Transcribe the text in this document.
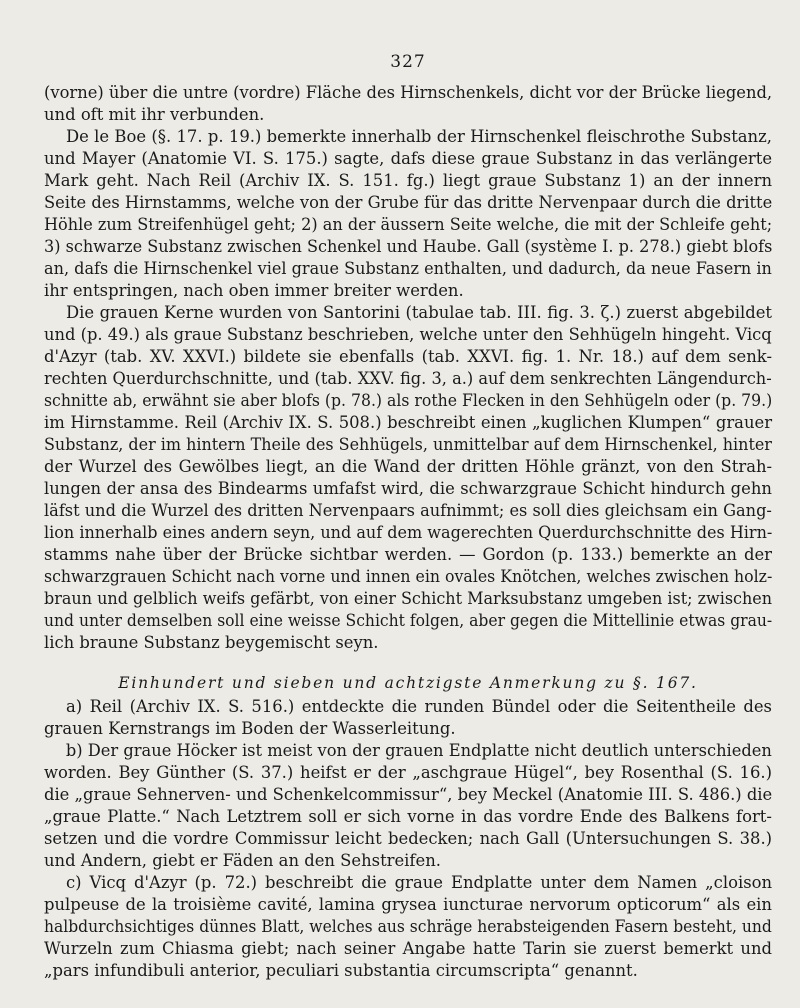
327
(vorne) über die untre (vordre) Fläche des Hirnschenkels, dicht vor der Brücke liegend,
und oft mit ihr verbunden.
De le Boe (§. 17. p. 19.) bemerkte innerhalb der Hirnschenkel fleischrothe Substanz,
und Mayer (Anatomie VI. S. 175.) sagte, dafs diese graue Substanz in das verlängerte
Mark geht. Nach Reil (Archiv IX. S. 151. fg.) liegt graue Substanz 1) an der innern
Seite des Hirnstamms, welche von der Grube für das dritte Nervenpaar durch die dritte
Höhle zum Streifenhügel geht; 2) an der äussern Seite welche, die mit der Schleife geht;
3) schwarze Substanz zwischen Schenkel und Haube. Gall (système I. p. 278.) giebt blofs
an, dafs die Hirnschenkel viel graue Substanz enthalten, und dadurch, da neue Fasern in
ihr entspringen, nach oben immer breiter werden.
Die grauen Kerne wurden von Santorini (tabulae tab. III. fig. 3. ζ.) zuerst abgebildet
und (p. 49.) als graue Substanz beschrieben, welche unter den Sehhügeln hingeht. Vicq
d'Azyr (tab. XV. XXVI.) bildete sie ebenfalls (tab. XXVI. fig. 1. Nr. 18.) auf dem senk-
rechten Querdurchschnitte, und (tab. XXV. fig. 3, a.) auf dem senkrechten Längendurch-
schnitte ab, erwähnt sie aber blofs (p. 78.) als rothe Flecken in den Sehhügeln oder (p. 79.)
im Hirnstamme. Reil (Archiv IX. S. 508.) beschreibt einen „kuglichen Klumpen“ grauer
Substanz, der im hintern Theile des Sehhügels, unmittelbar auf dem Hirnschenkel, hinter
der Wurzel des Gewölbes liegt, an die Wand der dritten Höhle gränzt, von den Strah-
lungen der ansa des Bindearms umfafst wird, die schwarzgraue Schicht hindurch gehn
läfst und die Wurzel des dritten Nervenpaars aufnimmt; es soll dies gleichsam ein Gang-
lion innerhalb eines andern seyn, und auf dem wagerechten Querdurchschnitte des Hirn-
stamms nahe über der Brücke sichtbar werden. — Gordon (p. 133.) bemerkte an der
schwarzgrauen Schicht nach vorne und innen ein ovales Knötchen, welches zwischen holz-
braun und gelblich weifs gefärbt, von einer Schicht Marksubstanz umgeben ist; zwischen
und unter demselben soll eine weisse Schicht folgen, aber gegen die Mittellinie etwas grau-
lich braune Substanz beygemischt seyn.
Einhundert und sieben und achtzigste Anmerkung zu §. 167.
a) Reil (Archiv IX. S. 516.) entdeckte die runden Bündel oder die Seitentheile des
grauen Kernstrangs im Boden der Wasserleitung.
b) Der graue Höcker ist meist von der grauen Endplatte nicht deutlich unterschieden
worden. Bey Günther (S. 37.) heifst er der „aschgraue Hügel“, bey Rosenthal (S. 16.)
die „graue Sehnerven- und Schenkelcommissur“, bey Meckel (Anatomie III. S. 486.) die
„graue Platte.“ Nach Letztrem soll er sich vorne in das vordre Ende des Balkens fort-
setzen und die vordre Commissur leicht bedecken; nach Gall (Untersuchungen S. 38.)
und Andern, giebt er Fäden an den Sehstreifen.
c) Vicq d'Azyr (p. 72.) beschreibt die graue Endplatte unter dem Namen „cloison
pulpeuse de la troisième cavité, lamina grysea iuncturae nervorum opticorum“ als ein
halbdurchsichtiges dünnes Blatt, welches aus schräge herabsteigenden Fasern besteht, und
Wurzeln zum Chiasma giebt; nach seiner Angabe hatte Tarin sie zuerst bemerkt und
„pars infundibuli anterior, peculiari substantia circumscripta“ genannt.
